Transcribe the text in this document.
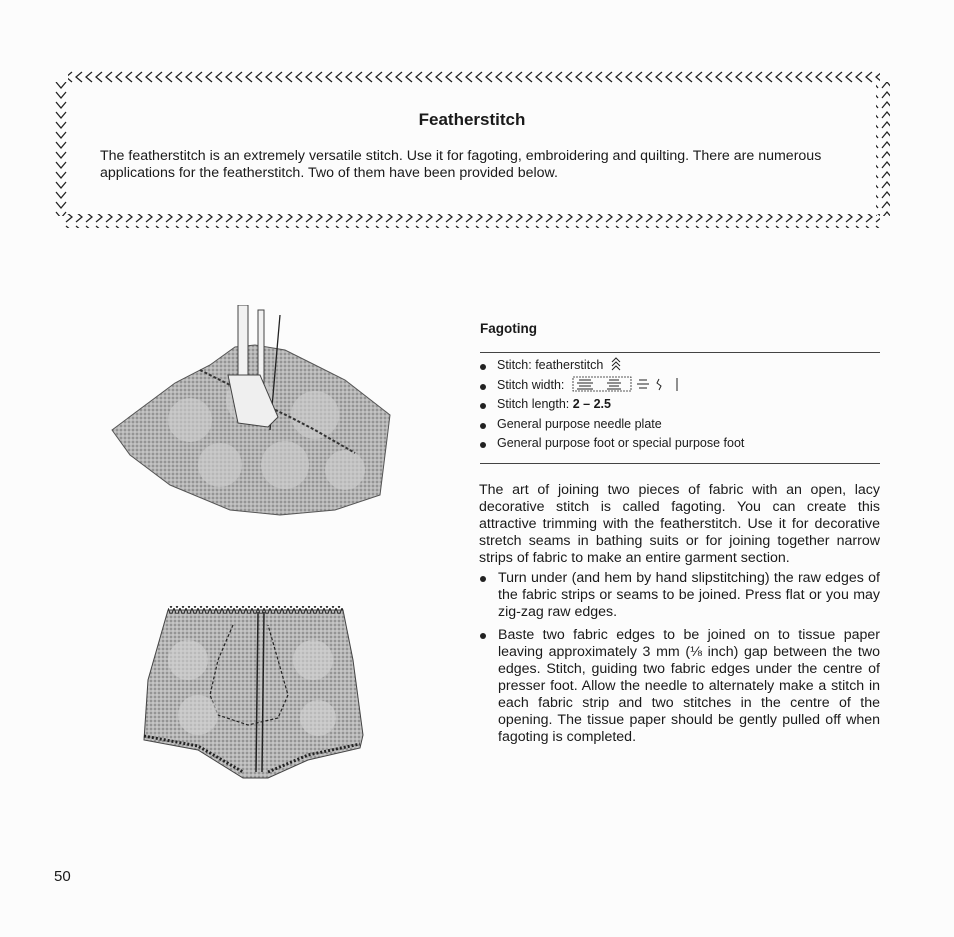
Featherstitch
The featherstitch is an extremely versatile stitch. Use it for fagoting, embroidering and quilting. There are numerous applications for the featherstitch. Two of them have been provided below.
Fagoting
Stitch: featherstitch
Stitch width:
Stitch length: 2 – 2.5
General purpose needle plate
General purpose foot or special purpose foot

The art of joining two pieces of fabric with an open, lacy decorative stitch is called fagoting. You can create this attractive trimming with the featherstitch. Use it for decorative stretch seams in bathing suits or for joining together narrow strips of fabric to make an entire garment section.

Turn under (and hem by hand slipstitching) the raw edges of the fabric strips or seams to be joined. Press flat or you may zig-zag raw edges.
Baste two fabric edges to be joined on to tissue paper leaving approximately 3 mm (⅛ inch) gap between the two edges. Stitch, guiding two fabric edges under the centre of presser foot. Allow the needle to alternately make a stitch in each fabric strip and two stitches in the centre of the opening. The tissue paper should be gently pulled off when fagoting is completed.
50
